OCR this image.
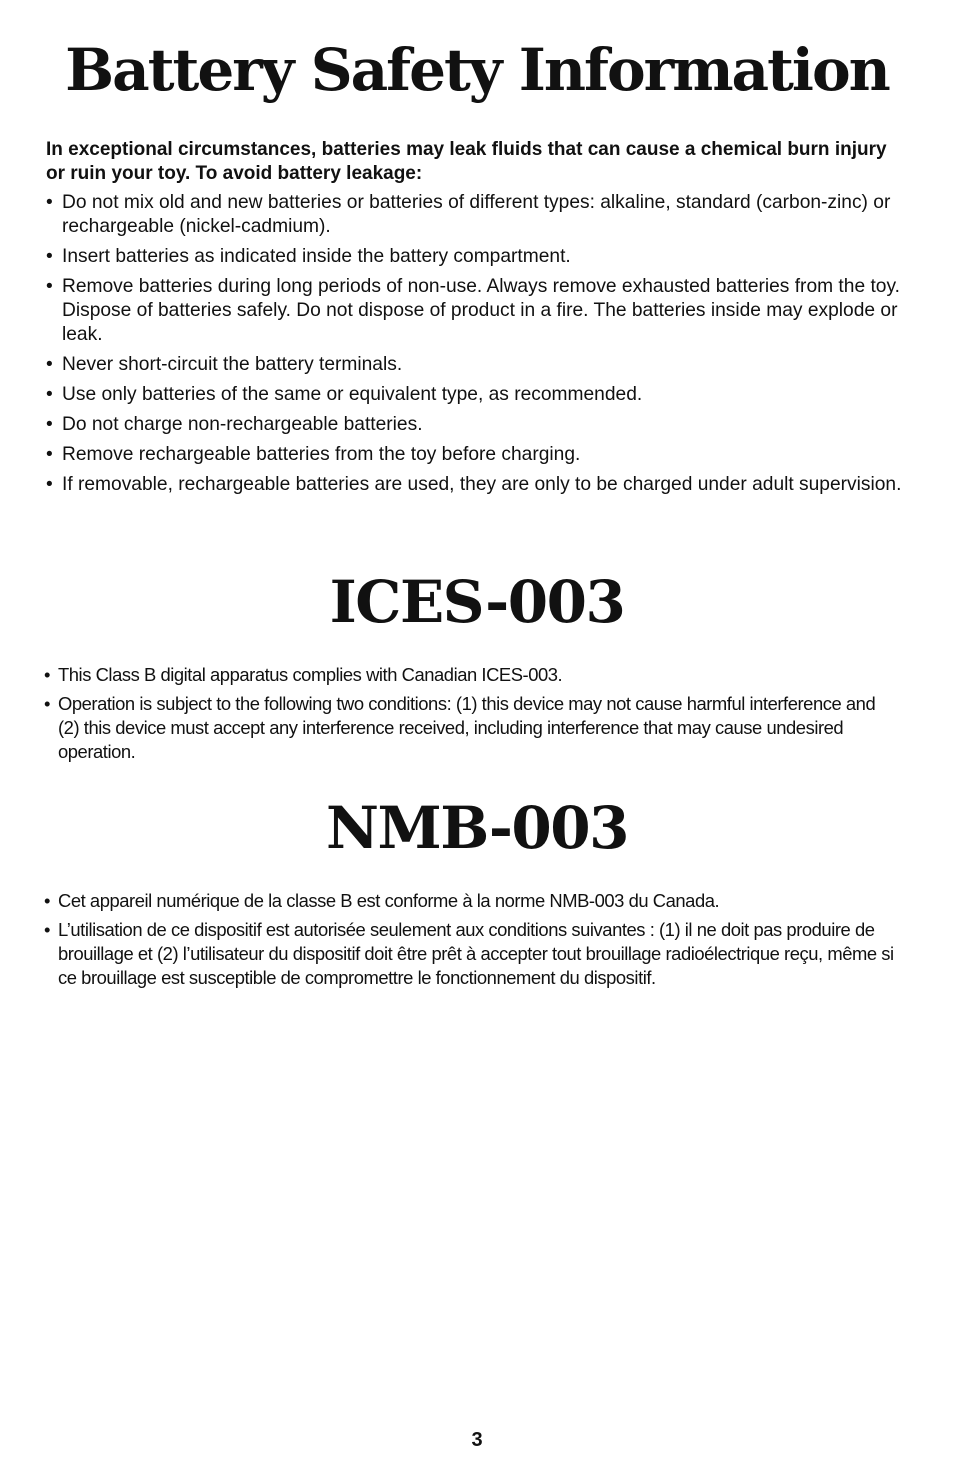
Battery Safety Information

In exceptional circumstances, batteries may leak fluids that can cause a chemical burn injury or ruin your toy. To avoid battery leakage:

• Do not mix old and new batteries or batteries of different types: alkaline, standard (carbon-zinc) or rechargeable (nickel-cadmium).
• Insert batteries as indicated inside the battery compartment.
• Remove batteries during long periods of non-use. Always remove exhausted batteries from the toy. Dispose of batteries safely. Do not dispose of product in a fire. The batteries inside may explode or leak.
• Never short-circuit the battery terminals.
• Use only batteries of the same or equivalent type, as recommended.
• Do not charge non-rechargeable batteries.
• Remove rechargeable batteries from the toy before charging.
• If removable, rechargeable batteries are used, they are only to be charged under adult supervision.
ICES-003
• This Class B digital apparatus complies with Canadian ICES-003.
• Operation is subject to the following two conditions: (1) this device may not cause harmful interference and (2) this device must accept any interference received, including interference that may cause undesired operation.
NMB-003
• Cet appareil numérique de la classe B est conforme à la norme NMB-003 du Canada.
• L’utilisation de ce dispositif est autorisée seulement aux conditions suivantes : (1) il ne doit pas produire de brouillage et (2) l’utilisateur du dispositif doit être prêt à accepter tout brouillage radioélectrique reçu, même si ce brouillage est susceptible de compromettre le fonctionnement du dispositif.
3
